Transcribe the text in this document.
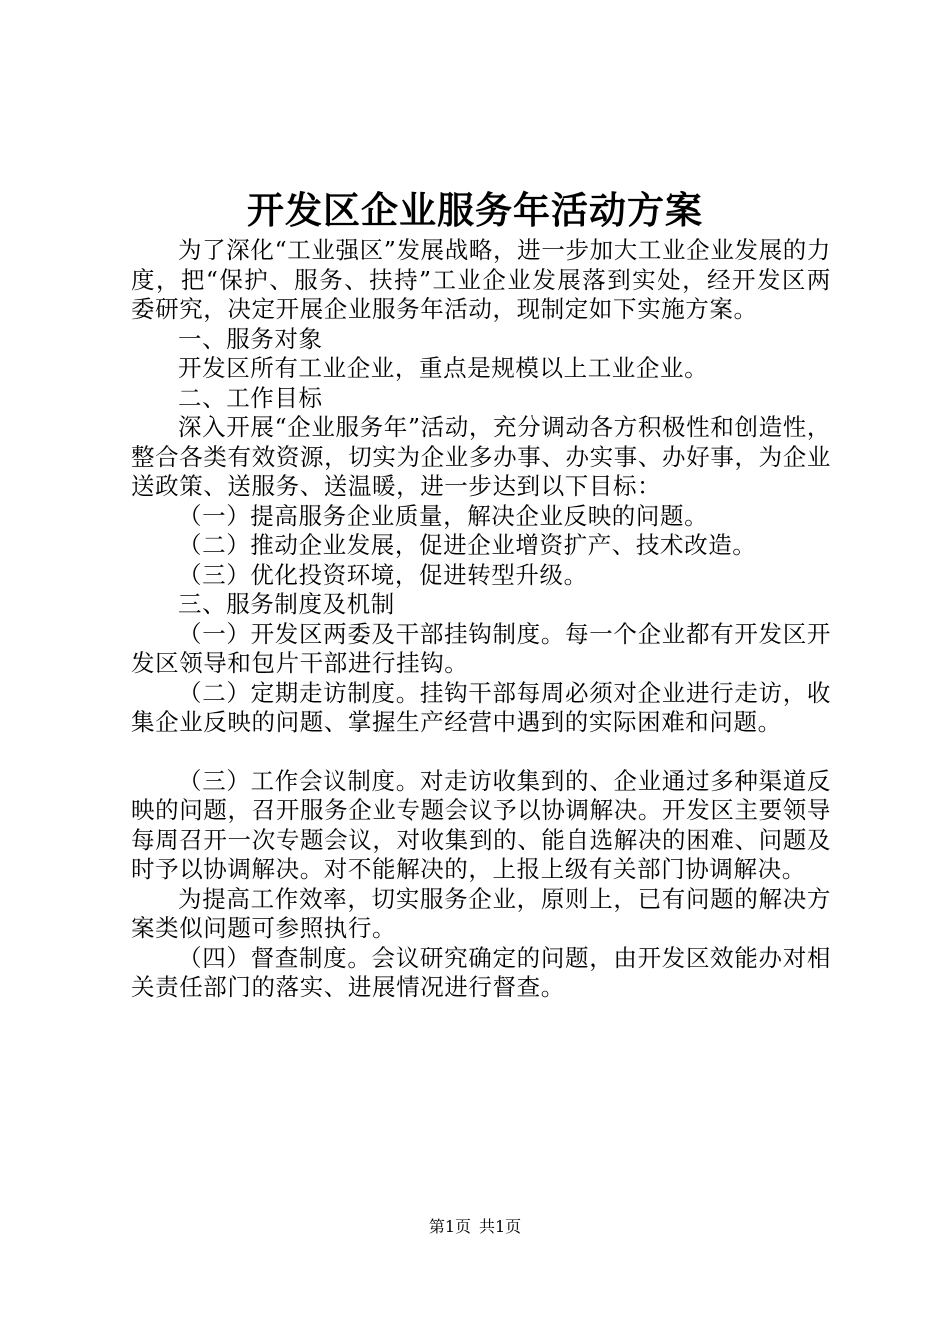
开发区企业服务年活动方案

为了深化“工业强区”发展战略，进一步加大工业企业发展的力度，把“保护、服务、扶持”工业企业发展落到实处，经开发区两委研究，决定开展企业服务年活动，现制定如下实施方案。

一、服务对象

开发区所有工业企业，重点是规模以上工业企业。

二、工作目标

深入开展“企业服务年”活动，充分调动各方积极性和创造性，整合各类有效资源，切实为企业多办事、办实事、办好事，为企业送政策、送服务、送温暖，进一步达到以下目标：

（一）提高服务企业质量，解决企业反映的问题。

（二）推动企业发展，促进企业增资扩产、技术改造。

（三）优化投资环境，促进转型升级。

三、服务制度及机制

（一）开发区两委及干部挂钩制度。每一个企业都有开发区开发区领导和包片干部进行挂钩。

（二）定期走访制度。挂钩干部每周必须对企业进行走访，收集企业反映的问题、掌握生产经营中遇到的实际困难和问题。

（三）工作会议制度。对走访收集到的、企业通过多种渠道反映的问题，召开服务企业专题会议予以协调解决。开发区主要领导每周召开一次专题会议，对收集到的、能自选解决的困难、问题及时予以协调解决。对不能解决的，上报上级有关部门协调解决。

为提高工作效率，切实服务企业，原则上，已有问题的解决方案类似问题可参照执行。

（四）督查制度。会议研究确定的问题，由开发区效能办对相关责任部门的落实、进展情况进行督查。

第1页 共1页
